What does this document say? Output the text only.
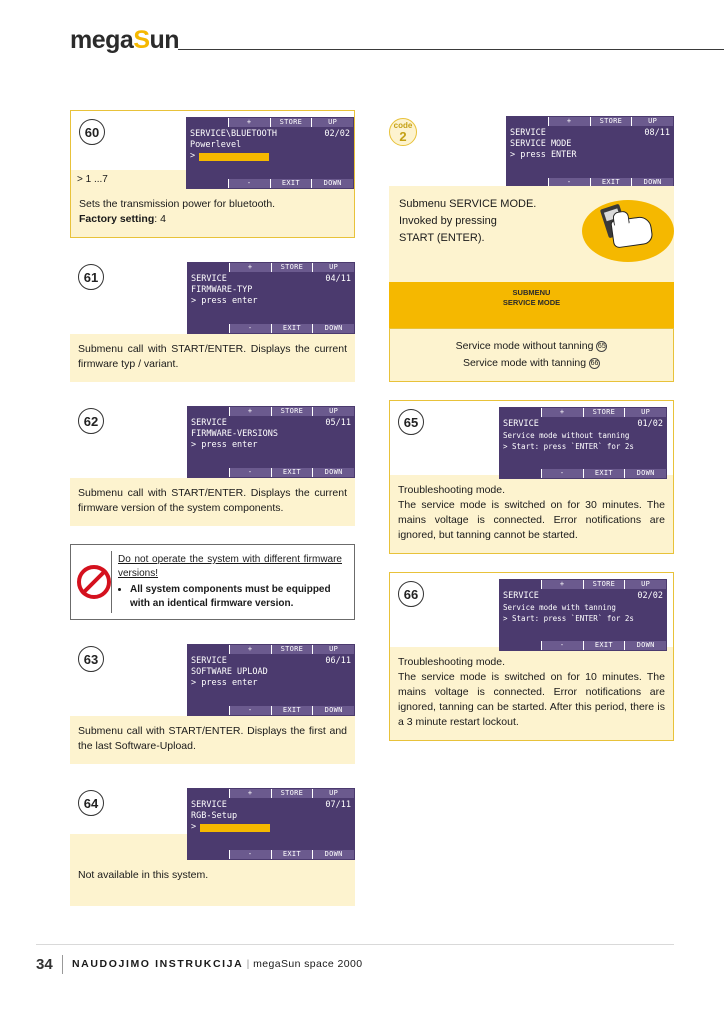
megaSun
60
> 1 ...7
+	STORE	UP
SERVICE\BLUETOOTH	02/02
Powerlevel
>
-	EXIT	DOWN
Sets the transmission power for bluetooth.
Factory setting: 4
61
+	STORE	UP
SERVICE	04/11
FIRMWARE-TYP
> press enter
-	EXIT	DOWN
Submenu call with START/ENTER. Displays the current firmware typ / variant.
62
+	STORE	UP
SERVICE	05/11
FIRMWARE-VERSIONS
> press enter
-	EXIT	DOWN
Submenu call with START/ENTER. Displays the current firmware version of the system components.
Do not operate the system with different firmware versions!
• All system components must be equipped with an identical firmware version.
63
+	STORE	UP
SERVICE	06/11
SOFTWARE UPLOAD
> press enter
-	EXIT	DOWN
Submenu call with START/ENTER. Displays the first and the last Software-Upload.
64
+	STORE	UP
SERVICE	07/11
RGB-Setup
>
-	EXIT	DOWN
Not available in this system.
code
2
+	STORE	UP
SERVICE	08/11
SERVICE MODE
> press ENTER
-	EXIT	DOWN
Submenu SERVICE MODE.
Invoked by pressing
START (ENTER).
SUBMENU
SERVICE MODE
Service mode without tanning 65
Service mode with tanning 66
65
+	STORE	UP
SERVICE	01/02
Service mode without tanning
> Start: press `ENTER` for 2s
-	EXIT	DOWN
Troubleshooting mode.
The service mode is switched on for 30 minutes. The mains voltage is connected. Error notifications are ignored, but tanning cannot be started.
66
+	STORE	UP
SERVICE	02/02
Service mode with tanning
> Start: press `ENTER` for 2s
-	EXIT	DOWN
Troubleshooting mode.
The service mode is switched on for 10 minutes. The mains voltage is connected. Error notifications are ignored, tanning can be started. After this period, there is a 3 minute restart lockout.
34 NAUDOJIMO INSTRUKCIJA | megaSun space 2000
